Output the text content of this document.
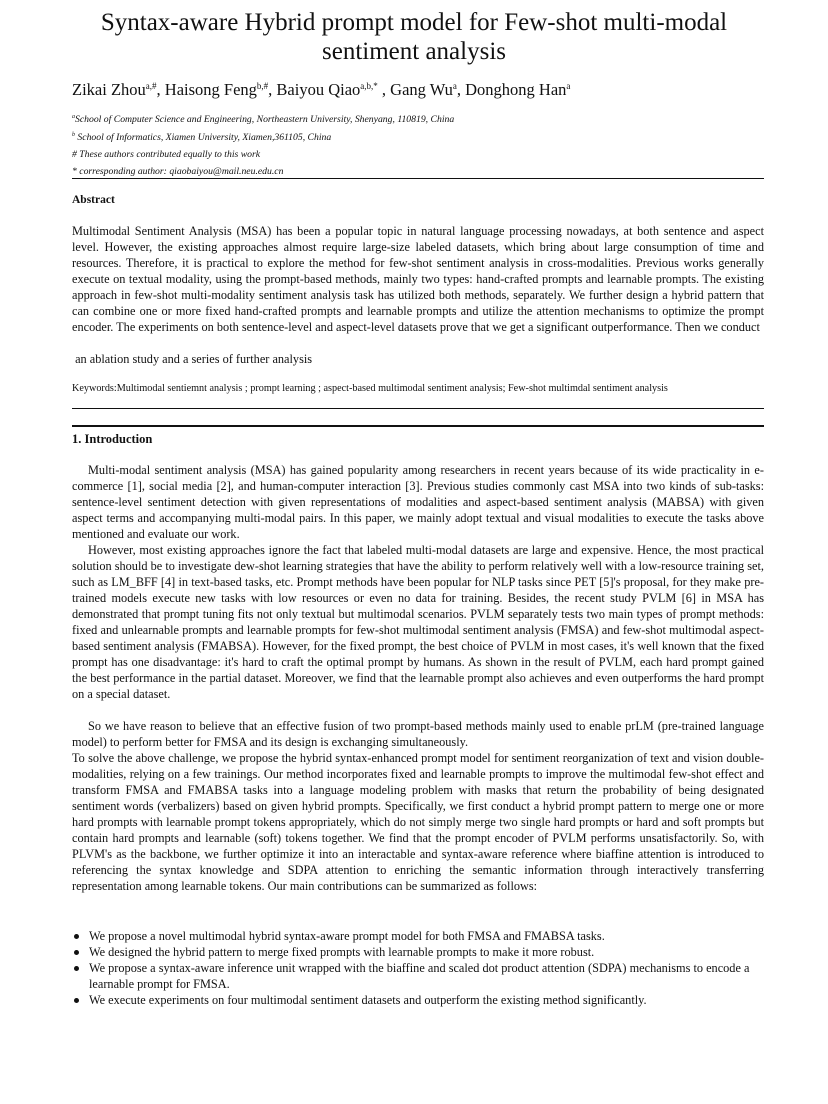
Syntax-aware Hybrid prompt model for Few-shot multi-modal sentiment analysis
Zikai Zhou$^{a,\#}$, Haisong Feng$^{b,\#}$, Baiyou Qiao$^{a,b,*}$ , Gang Wu$^a$, Donghong Han$^a$
$^a$School of Computer Science and Engineering, Northeastern University, Shenyang, 110819, China
$^b$ School of Informatics, Xiamen University, Xiamen,361105, China
# These authors contributed equally to this work
* corresponding author: qiaobaiyou@mail.neu.edu.cn
Abstract

Multimodal Sentiment Analysis (MSA) has been a popular topic in natural language processing nowadays, at both sentence and aspect level. However, the existing approaches almost require large-size labeled datasets, which bring about large consumption of time and resources. Therefore, it is practical to explore the method for few-shot sentiment analysis in cross-modalities. Previous works generally execute on textual modality, using the prompt-based methods, mainly two types: hand-crafted prompts and learnable prompts. The existing approach in few-shot multi-modality sentiment analysis task has utilized both methods, separately. We further design a hybrid pattern that can combine one or more fixed hand-crafted prompts and learnable prompts and utilize the attention mechanisms to optimize the prompt encoder. The experiments on both sentence-level and aspect-level datasets prove that we get a significant outperformance. Then we conduct

an ablation study and a series of further analysis
Keywords:Multimodal sentiemnt analysis ; prompt learning ; aspect-based multimodal sentiment analysis; Few-shot multimdal sentiment analysis
1. Introduction

Multi-modal sentiment analysis (MSA) has gained popularity among researchers in recent years because of its wide practicality in e-commerce [1], social media [2], and human-computer interaction [3]. Previous studies commonly cast MSA into two kinds of sub-tasks: sentence-level sentiment detection with given representations of modalities and aspect-based sentiment analysis (MABSA) with given aspect terms and accompanying multi-modal pairs. In this paper, we mainly adopt textual and visual modalities to execute the tasks above mentioned and evaluate our work.

However, most existing approaches ignore the fact that labeled multi-modal datasets are large and expensive. Hence, the most practical solution should be to investigate dew-shot learning strategies that have the ability to perform relatively well with a low-resource training set, such as LM_BFF [4] in text-based tasks, etc. Prompt methods have been popular for NLP tasks since PET [5]'s proposal, for they make pre-trained models execute new tasks with low resources or even no data for training. Besides, the recent study PVLM [6] in MSA has demonstrated that prompt tuning fits not only textual but multimodal scenarios. PVLM separately tests two main types of prompt methods: fixed and unlearnable prompts and learnable prompts for few-shot multimodal sentiment analysis (FMSA) and few-shot multimodal aspect-based sentiment analysis (FMABSA). However, for the fixed prompt, the best choice of PVLM in most cases, it's well known that the fixed prompt has one disadvantage: it's hard to craft the optimal prompt by humans. As shown in the result of PVLM, each hard prompt gained the best performance in the partial dataset. Moreover, we find that the learnable prompt also achieves and even outperforms the hard prompt on a special dataset.

So we have reason to believe that an effective fusion of two prompt-based methods mainly used to enable prLM (pre-trained language model) to perform better for FMSA and its design is exchanging simultaneously.

To solve the above challenge, we propose the hybrid syntax-enhanced prompt model for sentiment reorganization of text and vision double-modalities, relying on a few trainings. Our method incorporates fixed and learnable prompts to improve the multimodal few-shot effect and transform FMSA and FMABSA tasks into a language modeling problem with masks that return the probability of being designated sentiment words (verbalizers) based on given hybrid prompts. Specifically, we first conduct a hybrid prompt pattern to merge one or more hard prompts with learnable prompt tokens appropriately, which do not simply merge two single hard prompts or hard and soft prompts but contain hard prompts and learnable (soft) tokens together. We find that the prompt encoder of PVLM performs unsatisfactorily. So, with PLVM's as the backbone, we further optimize it into an interactable and syntax-aware reference where biaffine attention is introduced to referencing the syntax knowledge and SDPA attention to enriching the semantic information through interactively transferring representation among learnable tokens. Our main contributions can be summarized as follows:

We propose a novel multimodal hybrid syntax-aware prompt model for both FMSA and FMABSA tasks.
We designed the hybrid pattern to merge fixed prompts with learnable prompts to make it more robust.
We propose a syntax-aware inference unit wrapped with the biaffine and scaled dot product attention (SDPA) mechanisms to encode a learnable prompt for FMSA.
We execute experiments on four multimodal sentiment datasets and outperform the existing method significantly.
